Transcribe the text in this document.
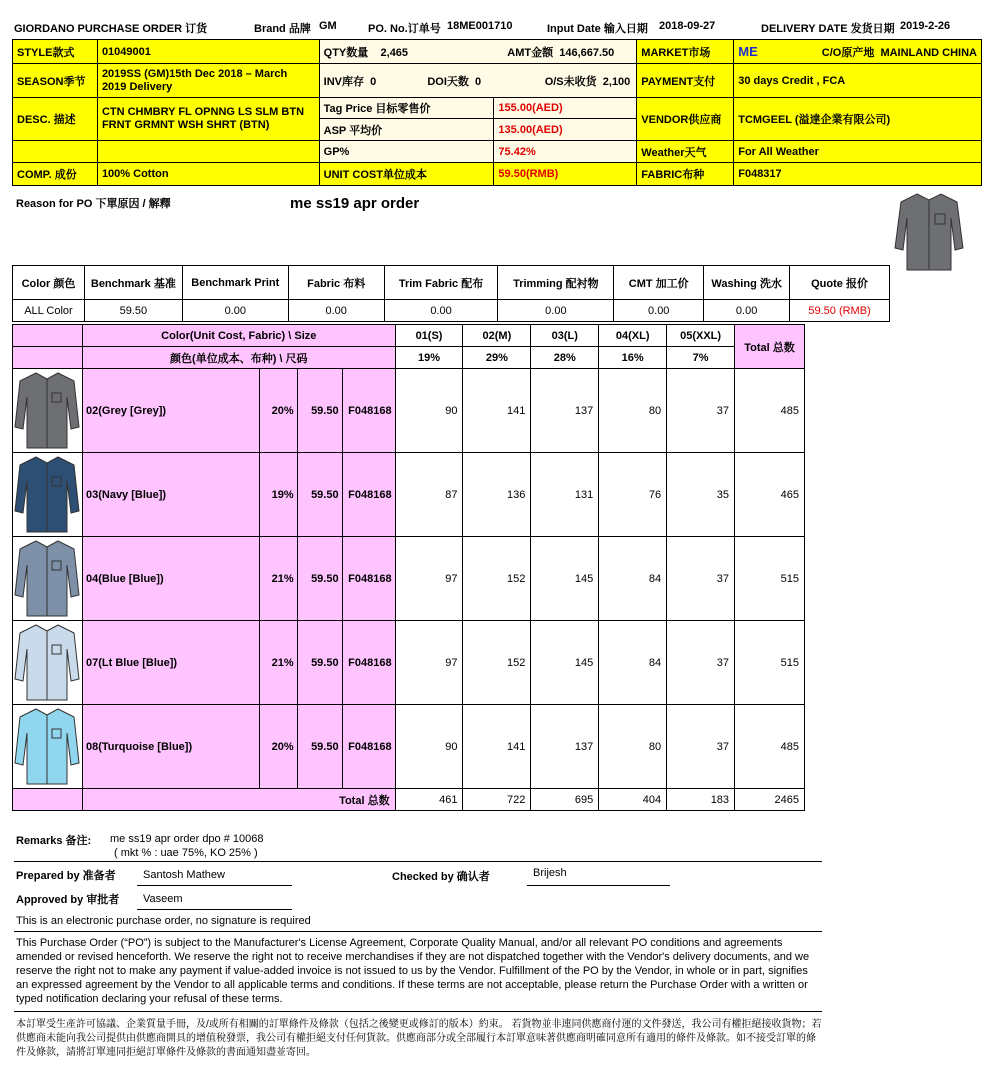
GIORDANO PURCHASE ORDER 订货	Brand 品牌 GM	PO. No.订单号 18ME001710	Input Date 输入日期 2018-09-27	DELIVERY DATE 发货日期 2019-2-26
STYLE款式	01049001	QTY数量 2,465 AMT金额 146,667.50		MARKET市场	ME C/O原产地 MAINLAND CHINA

SEASON季节	2019SS (GM)15th Dec 2018 – March 2019 Delivery	INV库存 0 DOI天数 0 O/S未收货 2,100		PAYMENT支付	30 days Credit , FCA
DESC. 描述	CTN CHMBRY FL OPNNG LS SLM BTN FRNT GRMNT WSH SHRT (BTN)	Tag Price 目标零售价	155.00(AED)	VENDOR供应商	TCMGEEL (溢達企業有限公司)
		ASP 平均价	135.00(AED)		
		GP%	75.42%	Weather天气	For All Weather
COMP. 成份	100% Cotton	UNIT COST单位成本	59.50(RMB)	FABRIC布种	F048317
Reason for PO 下單原因 / 解釋	me ss19 apr order
Color 颜色	Benchmark 基准	Benchmark Print	Fabric 布料	Trim Fabric 配布	Trimming 配衬物	CMT 加工价	Washing 洗水	Quote 报价
ALL Color	59.50	0.00	0.00	0.00	0.00	0.00	0.00	59.50 (RMB)
	Color(Unit Cost, Fabric) \ Size				01(S)	02(M)	03(L)	04(XL)	05(XXL)	Total 总数
	颜色(单位成本、布种) \ 尺码				19%	29%	28%	16%	7%	
	02(Grey [Grey])	20%	59.50	F048168	90	141	137	80	37	485
	03(Navy [Blue])	19%	59.50	F048168	87	136	131	76	35	465
	04(Blue [Blue])	21%	59.50	F048168	97	152	145	84	37	515
	07(Lt Blue [Blue])	21%	59.50	F048168	97	152	145	84	37	515
	08(Turquoise [Blue])	20%	59.50	F048168	90	141	137	80	37	485
	Total 总数				461	722	695	404	183	2465
Remarks 备注: me ss19 apr order dpo # 10068
( mkt % : uae 75%, KO 25% )
Prepared by 准备者 Santosh Mathew	Checked by 确认者	Brijesh
Approved by 审批者 Vaseem
This is an electronic purchase order, no signature is required
This Purchase Order (“PO”) is subject to the Manufacturer's License Agreement, Corporate Quality Manual, and/or all relevant PO conditions and agreements amended or revised henceforth. We reserve the right not to receive merchandises if they are not dispatched together with the Vendor's delivery documents, and we reserve the right not to make any payment if value-added invoice is not issued to us by the Vendor. Fulfillment of the PO by the Vendor, in whole or in part, signifies an expressed agreement by the Vendor to all applicable terms and conditions. If these terms are not acceptable, please return the Purchase Order with a written or typed notification declaring your refusal of these terms.
本訂單受生產許可協議、企業質量手冊，及/或所有相關的訂單條件及條款（包括之後變更或修訂的版本）約束。 若貨物並非連同供應商付運的文件發送，我公司有權拒絕接收貨物；若供應商未能向我公司提供由供應商開具的增值稅發票，我公司有權拒絕支付任何貨款。供應商部分或全部履行本訂單意味著供應商明確同意所有適用的條件及條款。如不接受訂單的條件及條款，請將訂單連同拒絕訂單條件及條款的書面通知盡並寄回。
